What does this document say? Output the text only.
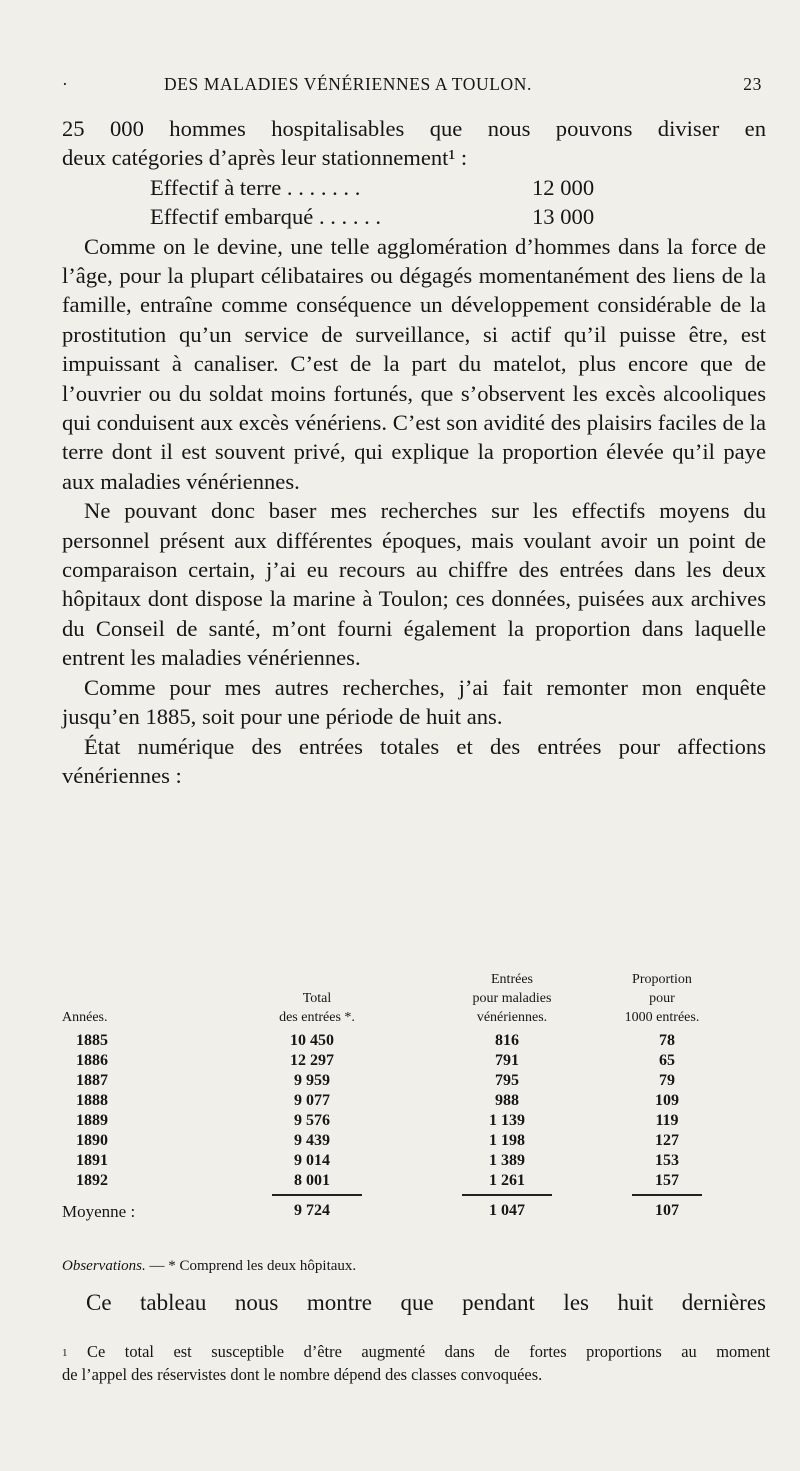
·	DES MALADIES VÉNÉRIENNES A TOULON.	23

25 000 hommes hospitalisables que nous pouvons diviser en

deux catégories d’après leur stationnement¹ :

Effectif à terre . . . . . . .	12 000
Effectif embarqué . . . . . .	13 000

Comme on le devine, une telle agglomération d’hommes dans la force de l’âge, pour la plupart célibataires ou dégagés momentanément des liens de la famille, entraîne comme conséquence un développement considérable de la prostitution qu’un service de surveillance, si actif qu’il puisse être, est impuissant à canaliser. C’est de la part du matelot, plus encore que de l’ouvrier ou du soldat moins fortunés, que s’observent les excès alcooliques qui conduisent aux excès vénériens. C’est son avidité des plaisirs faciles de la terre dont il est souvent privé, qui explique la proportion élevée qu’il paye aux maladies vénériennes.

Ne pouvant donc baser mes recherches sur les effectifs moyens du personnel présent aux différentes époques, mais voulant avoir un point de comparaison certain, j’ai eu recours au chiffre des entrées dans les deux hôpitaux dont dispose la marine à Toulon; ces données, puisées aux archives du Conseil de santé, m’ont fourni également la proportion dans laquelle entrent les maladies vénériennes.

Comme pour mes autres recherches, j’ai fait remonter mon enquête jusqu’en 1885, soit pour une période de huit ans.

État numérique des entrées totales et des entrées pour affections vénériennes :

Années.
Total
des entrées *.
Entrées
pour maladies
vénériennes.
Proportion
pour
1000 entrées.
1885	10 450	816	78
1886	12 297	791	65
1887	9 959	795	79
1888	9 077	988	109
1889	9 576	1 139	119
1890	9 439	1 198	127
1891	9 014	1 389	153
1892	8 001	1 261	157
Moyenne :	9 724	1 047	107
Observations. — * Comprend les deux hôpitaux.
Ce tableau nous montre que pendant les huit dernières

$^1$ Ce total est susceptible d’être augmenté dans de fortes proportions au moment

de l’appel des réservistes dont le nombre dépend des classes convoquées.
